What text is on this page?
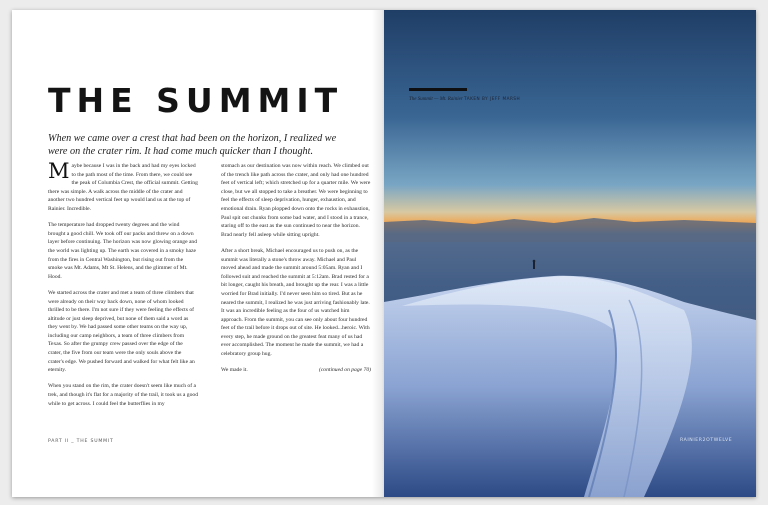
THE SUMMIT
When we came over a crest that had been on the horizon, I realized we were on the crater rim. It had come much quicker than I thought.

Maybe because I was in the back and had my eyes locked to the path most of the time. From there, we could see the peak of Columbia Crest, the official summit. Getting there was simple. A walk across the middle of the crater and another two hundred vertical feet up would land us at the top of Rainier. Incredible.

The temperature had dropped twenty degrees and the wind brought a good chill. We took off our packs and threw on a down layer before continuing. The horizon was now glowing orange and the world was lighting up. The earth was covered in a smoky haze from the fires in Central Washington, but rising out from the smoke was Mt. Adams, Mt St. Helens, and the glimmer of Mt. Hood.

We started across the crater and met a team of three climbers that were already on their way back down, none of whom looked thrilled to be there. I'm not sure if they were feeling the effects of altitude or just sleep deprived, but none of them said a word as they went by. We had passed some other teams on the way up, including our camp neighbors, a team of three climbers from Texas. So after the grumpy crew passed over the edge of the crater, the five from our team were the only souls above the crater's edge. We pushed forward and walked for what felt like an eternity.

When you stand on the rim, the crater doesn't seem like much of a trek, and though it's flat for a majority of the trail, it took us a good while to get across. I could feel the butterflies in my

stomach as our destination was now within reach. We climbed out of the trench like path across the crater, and only had one hundred feet of vertical left; which stretched up for a quarter mile. We were close, but we all stopped to take a breather. We were beginning to feel the effects of sleep deprivation, hunger, exhaustion, and emotional drain. Ryan plopped down onto the rocks in exhaustion, Paul spit out chunks from some bad water, and I stood in a trance, staring off to the east as the sun continued to near the horizon. Brad nearly fell asleep while sitting upright.

After a short break, Michael encouraged us to push on, as the summit was literally a stone's throw away. Michael and Paul moved ahead and made the summit around 5:05am. Ryan and I followed suit and reached the summit at 5:12am. Brad rested for a bit longer, caught his breath, and brought up the rear. I was a little worried for Brad initially. I'd never seen him so tired. But as he neared the summit, I realized he was just arriving fashionably late. It was an incredible feeling as the four of us watched him approach. From the summit, you can see only about four hundred feet of the trail before it drops out of site. He looked...heroic. With every step, he made ground on the greatest feat many of us had ever accomplished. The moment he made the summit, we had a celebratory group hug.

We made it.	(continued on page 70)
PART II _ THE SUMMIT
The Summit — Mt. Rainier TAKEN BY JEFF MARSH
RAINIER2OTWELVE
